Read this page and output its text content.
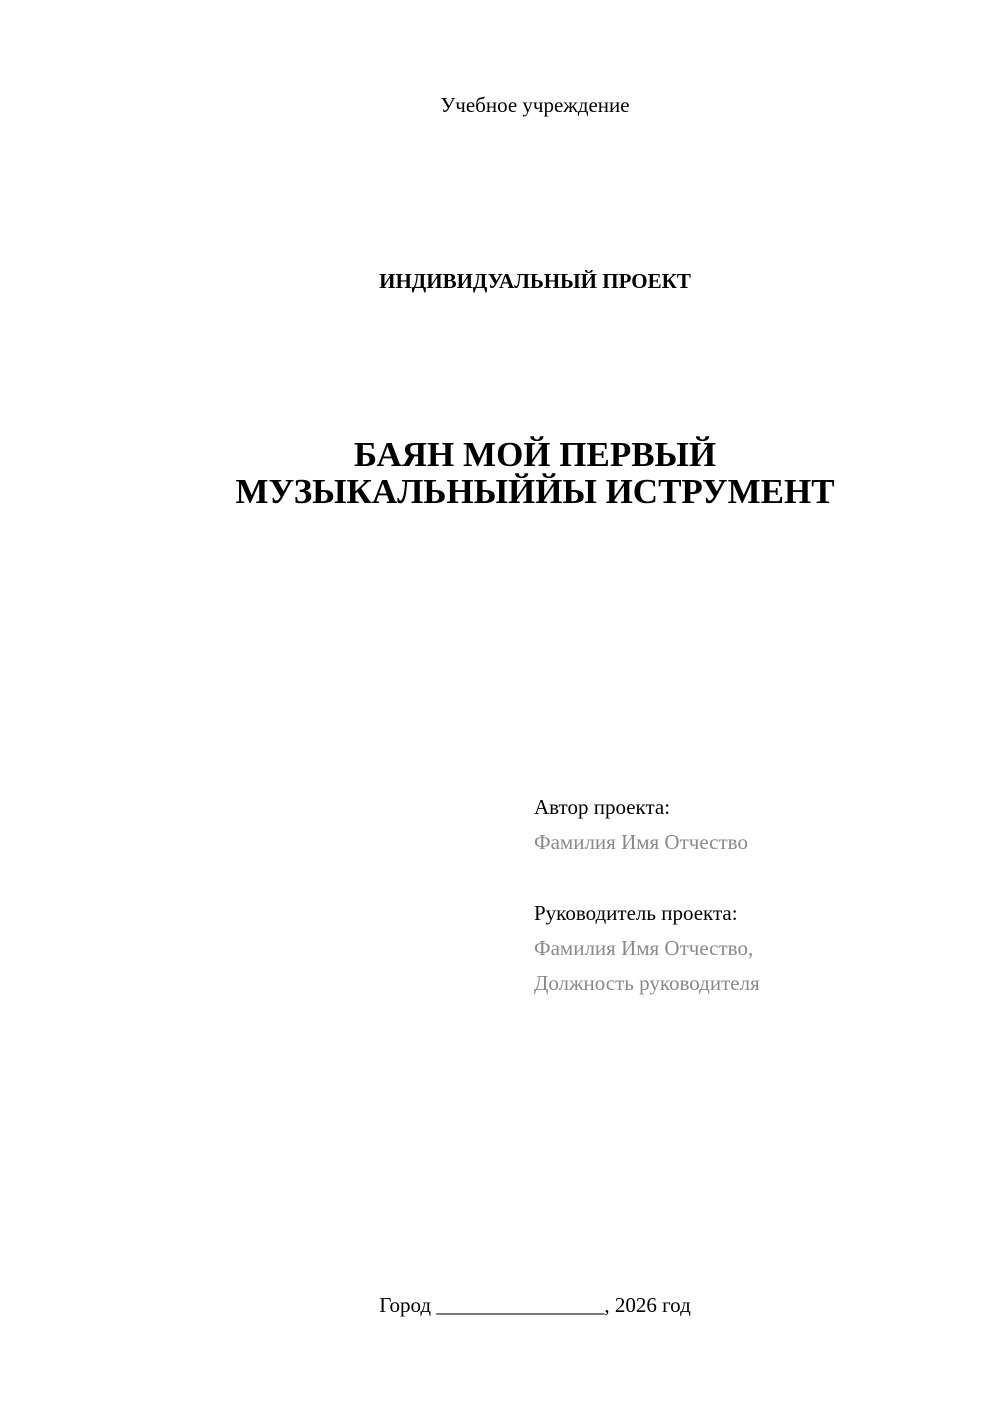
Учебное учреждение
ИНДИВИДУАЛЬНЫЙ ПРОЕКТ
БАЯН МОЙ ПЕРВЫЙ
МУЗЫКАЛЬНЫЙЙЫ ИСТРУМЕНТ
Автор проекта:
Фамилия Имя Отчество
Руководитель проекта:
Фамилия Имя Отчество,
Должность руководителя
Город ________________, 2026 год
